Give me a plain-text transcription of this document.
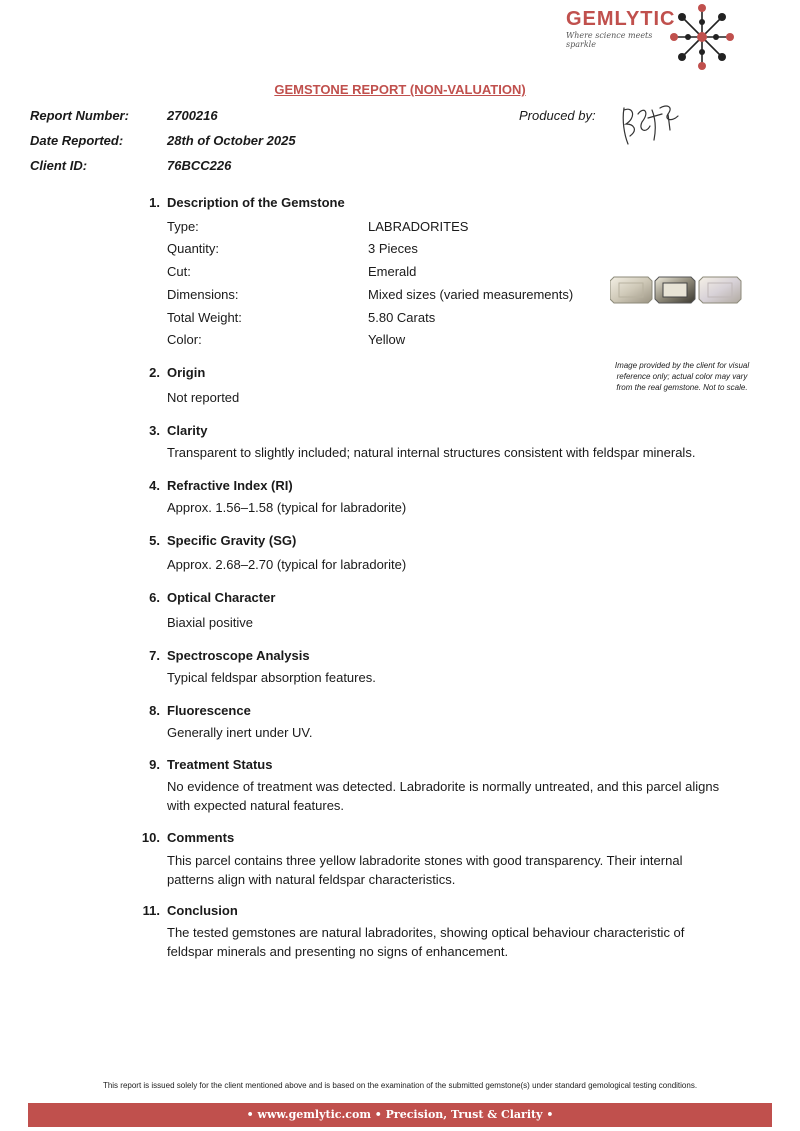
GEMLYTIC
Where science meets sparkle
GEMSTONE REPORT (NON-VALUATION)
Report Number:	2700216
Date Reported:	28th of October 2025
Client ID:	76BCC226
Produced by:
1. Description of the Gemstone
Type:	LABRADORITES
Quantity:	3 Pieces
Cut:	Emerald
Dimensions:	Mixed sizes (varied measurements)
Total Weight:	5.80 Carats
Color:	Yellow
Image provided by the client for visual
reference only; actual color may vary
from the real gemstone. Not to scale.
2. Origin
Not reported
3. Clarity
Transparent to slightly included; natural internal structures consistent with feldspar minerals.
4. Refractive Index (RI)
Approx. 1.56–1.58 (typical for labradorite)
5. Specific Gravity (SG)
Approx. 2.68–2.70 (typical for labradorite)
6. Optical Character
Biaxial positive
7. Spectroscope Analysis
Typical feldspar absorption features.
8. Fluorescence
Generally inert under UV.
9. Treatment Status
No evidence of treatment was detected. Labradorite is normally untreated, and this parcel aligns
with expected natural features.
10. Comments
This parcel contains three yellow labradorite stones with good transparency. Their internal
patterns align with natural feldspar characteristics.
11. Conclusion
The tested gemstones are natural labradorites, showing optical behaviour characteristic of
feldspar minerals and presenting no signs of enhancement.
This report is issued solely for the client mentioned above and is based on the examination of the submitted gemstone(s) under standard gemological testing conditions.
• www.gemlytic.com • Precision, Trust & Clarity •
